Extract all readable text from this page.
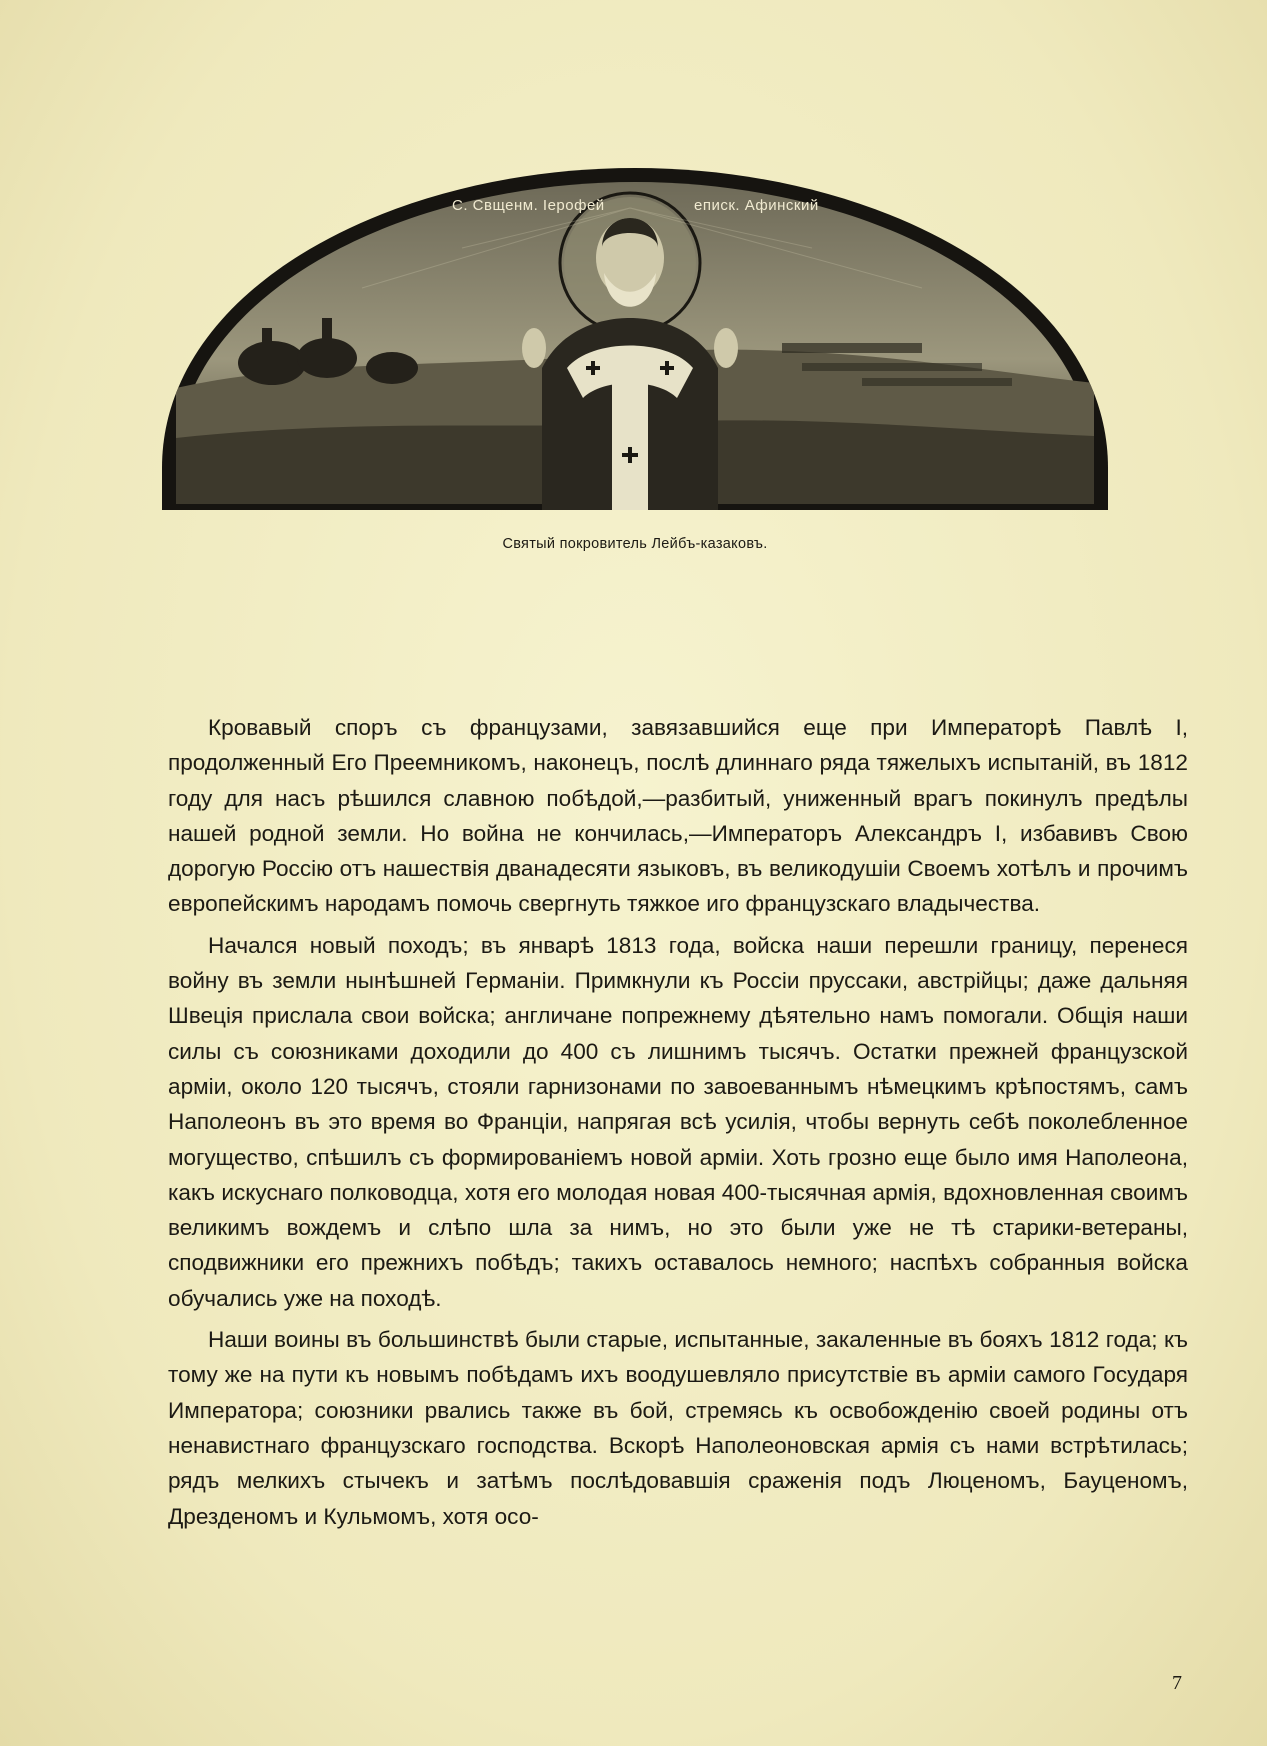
С. Свщенм. Iерофей	еписк. Афинский
Святый покровитель Лейбъ-казаковъ.

Кровавый споръ съ французами, завязавшийся еще при Императорѣ Павлѣ I, продолженный Его Преемникомъ, наконецъ, послѣ длиннаго ряда тяжелыхъ испытаній, въ 1812 году для насъ рѣшился славною побѣдой,—разбитый, униженный врагъ покинулъ предѣлы нашей родной земли. Но война не кончилась,—Императоръ Александръ I, избавивъ Свою дорогую Россію отъ нашествія дванадесяти языковъ, въ великодушіи Своемъ хотѣлъ и прочимъ европейскимъ народамъ помочь свергнуть тяжкое иго французскаго владычества.

Начался новый походъ; въ январѣ 1813 года, войска наши перешли границу, перенеся войну въ земли нынѣшней Германіи. Примкнули къ Россіи пруссаки, австрійцы; даже дальняя Швеція прислала свои войска; англичане попрежнему дѣятельно намъ помогали. Общія наши силы съ союзниками доходили до 400 съ лишнимъ тысячъ. Остатки прежней французской арміи, около 120 тысячъ, стояли гарнизонами по завоеваннымъ нѣмецкимъ крѣпостямъ, самъ Наполеонъ въ это время во Франціи, напрягая всѣ усилія, чтобы вернуть себѣ поколебленное могущество, спѣшилъ съ формированіемъ новой арміи. Хоть грозно еще было имя Наполеона, какъ искуснаго полководца, хотя его молодая новая 400-тысячная армія, вдохновленная своимъ великимъ вождемъ и слѣпо шла за нимъ, но это были уже не тѣ старики-ветераны, сподвижники его прежнихъ побѣдъ; такихъ оставалось немного; наспѣхъ собранныя войска обучались уже на походѣ.

Наши воины въ большинствѣ были старые, испытанные, закаленные въ бояхъ 1812 года; къ тому же на пути къ новымъ побѣдамъ ихъ воодушевляло присутствіе въ арміи самого Государя Императора; союзники рвались также въ бой, стремясь къ освобожденію своей родины отъ ненавистнаго французскаго господства. Вскорѣ Наполеоновская армія съ нами встрѣтилась; рядъ мелкихъ стычекъ и затѣмъ послѣдовавшія сраженія подъ Люценомъ, Бауценомъ, Дрезденомъ и Кульмомъ, хотя осо-

7
